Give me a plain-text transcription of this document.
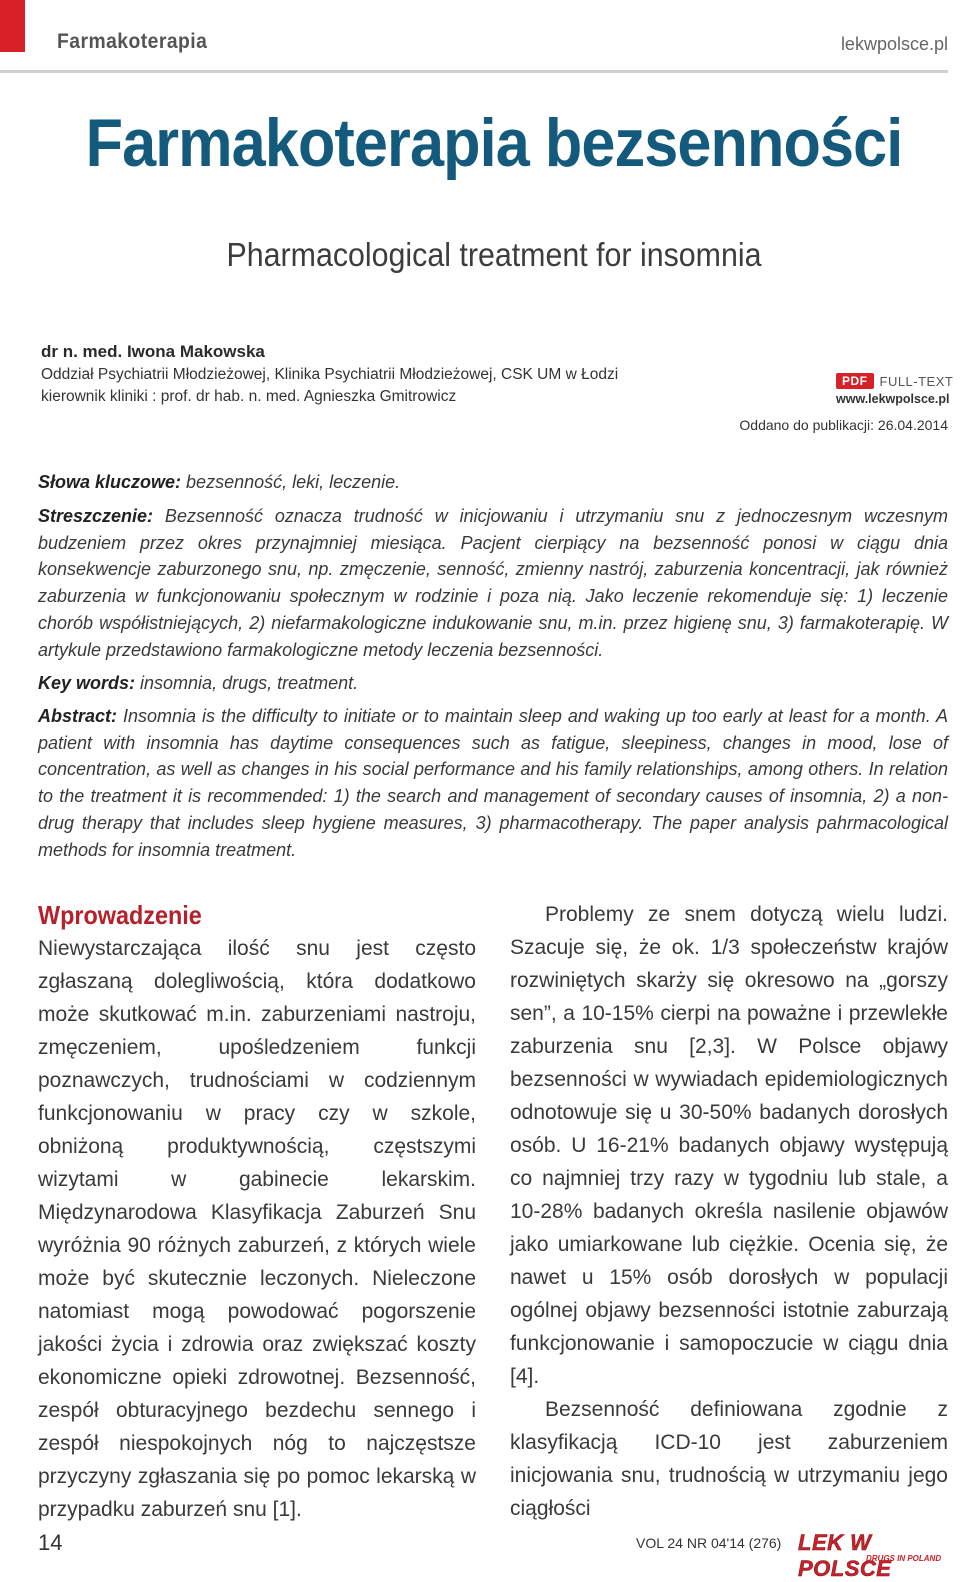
Farmakoterapia	lekwpolsce.pl
Farmakoterapia bezsenności
Pharmacological treatment for insomnia
dr n. med. Iwona Makowska
Oddział Psychiatrii Młodzieżowej, Klinika Psychiatrii Młodzieżowej, CSK UM w Łodzi
kierownik kliniki : prof. dr hab. n. med. Agnieszka Gmitrowicz
PDF FULL-TEXT
www.lekwpolsce.pl
Oddano do publikacji: 26.04.2014
Słowa kluczowe: bezsenność, leki, leczenie.
Streszczenie: Bezsenność oznacza trudność w inicjowaniu i utrzymaniu snu z jednoczesnym wczesnym budzeniem przez okres przynajmniej miesiąca. Pacjent cierpiący na bezsenność ponosi w ciągu dnia konsekwencje zaburzonego snu, np. zmęczenie, senność, zmienny nastrój, zaburzenia koncentracji, jak również zaburzenia w funkcjonowaniu społecznym w rodzinie i poza nią. Jako leczenie rekomenduje się: 1) leczenie chorób współistniejących, 2) niefarmakologiczne indukowanie snu, m.in. przez higienę snu, 3) farmakoterapię. W artykule przedstawiono farmakologiczne metody leczenia bezsenności.
Key words: insomnia, drugs, treatment.
Abstract: Insomnia is the difficulty to initiate or to maintain sleep and waking up too early at least for a month. A patient with insomnia has daytime consequences such as fatigue, sleepiness, changes in mood, lose of concentration, as well as changes in his social performance and his family relationships, among others. In relation to the treatment it is recommended: 1) the search and management of secondary causes of insomnia, 2) a non-drug therapy that includes sleep hygiene measures, 3) pharmacotherapy. The paper analysis pahrmacological methods for insomnia treatment.

Wprowadzenie

Niewystarczająca ilość snu jest często zgłaszaną dolegliwością, która dodatkowo może skutkować m.in. zaburzeniami nastroju, zmęczeniem, upośledzeniem funkcji poznawczych, trudnościami w codziennym funkcjonowaniu w pracy czy w szkole, obniżoną produktywnością, częstszymi wizytami w gabinecie lekarskim. Międzynarodowa Klasyfikacja Zaburzeń Snu wyróżnia 90 różnych zaburzeń, z których wiele może być skutecznie leczonych. Nieleczone natomiast mogą powodować pogorszenie jakości życia i zdrowia oraz zwiększać koszty ekonomiczne opieki zdrowotnej. Bezsenność, zespół obturacyjnego bezdechu sennego i zespół niespokojnych nóg to najczęstsze przyczyny zgłaszania się po pomoc lekarską w przypadku zaburzeń snu [1].

Problemy ze snem dotyczą wielu ludzi. Szacuje się, że ok. 1/3 społeczeństw krajów rozwiniętych skarży się okresowo na „gorszy sen”, a 10-15% cierpi na poważne i przewlekłe zaburzenia snu [2,3]. W Polsce objawy bezsenności w wywiadach epidemiologicznych odnotowuje się u 30-50% badanych dorosłych osób. U 16-21% badanych objawy występują co najmniej trzy razy w tygodniu lub stale, a 10-28% badanych określa nasilenie objawów jako umiarkowane lub ciężkie. Ocenia się, że nawet u 15% osób dorosłych w populacji ogólnej objawy bezsenności istotnie zaburzają funkcjonowanie i samopoczucie w ciągu dnia [4].

Bezsenność definiowana zgodnie z klasyfikacją ICD-10 jest zaburzeniem inicjowania snu, trudnością w utrzymaniu jego ciągłości

14	VOL 24 NR 04'14 (276) LEK W POLSCE
DRUGS IN POLAND
